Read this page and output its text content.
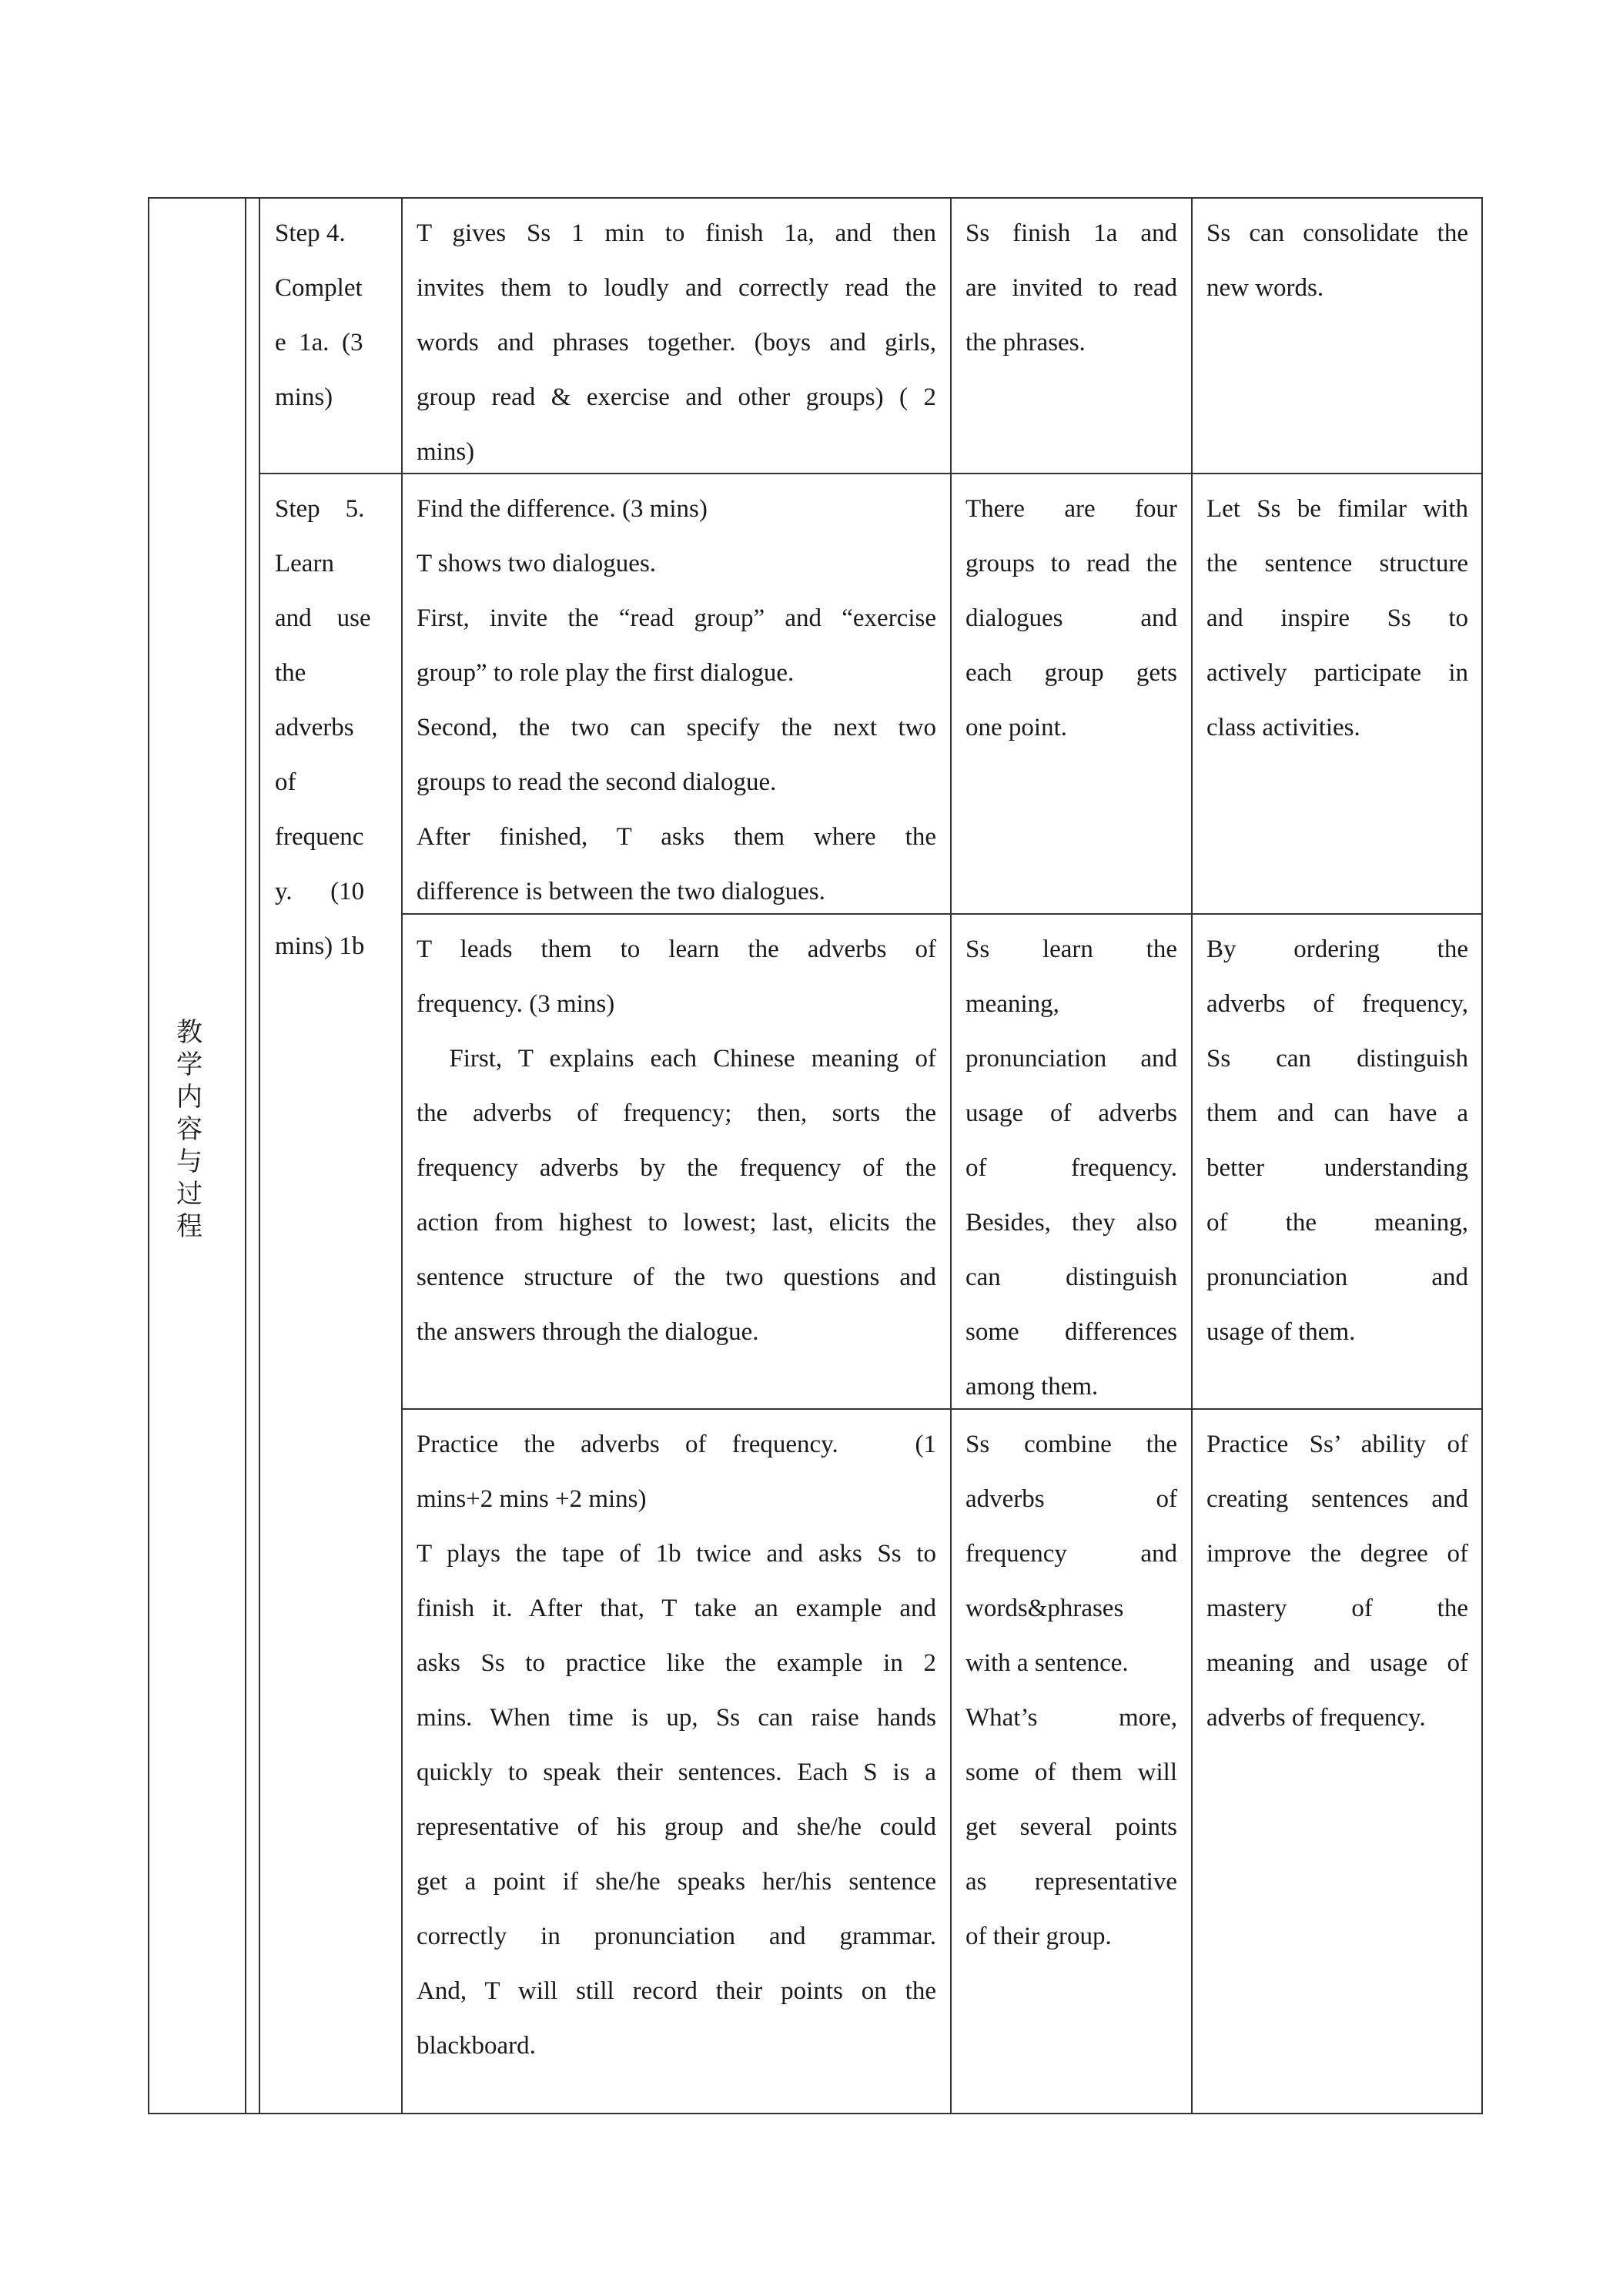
教
学
内
容
与
过
程

Step 4.

Complet

e  1a.  (3

mins)

T gives Ss 1 min to finish 1a, and then

invites them to loudly and correctly read the

words and phrases together. (boys and girls,

group read & exercise and other groups) ( 2

mins)

Ss finish 1a and

are invited to read

the phrases.

Ss can consolidate the

new words.

Step    5.

Learn

and    use

the

adverbs

of

frequenc

y.      (10

mins) 1b

Find the difference. (3 mins)

T shows two dialogues.

First, invite the “read group” and “exercise

group” to role play the first dialogue.

Second, the two can specify the next two

groups to read the second dialogue.

After finished, T asks them where the

difference is between the two dialogues.

There are four

groups to read the

dialogues and

each group gets

one point.

Let Ss be fimilar with

the sentence structure

and inspire Ss to

actively participate in

class activities.

T leads them to learn the adverbs of

frequency. (3 mins)

First, T explains each Chinese meaning of

the adverbs of frequency; then, sorts the

frequency adverbs by the frequency of the

action from highest to lowest; last, elicits the

sentence structure of the two questions and

the answers through the dialogue.

Ss learn the

meaning,

pronunciation and

usage of adverbs

of frequency.

Besides, they also

can distinguish

some differences

among them.

By ordering the

adverbs of frequency,

Ss can distinguish

them and can have a

better understanding

of the meaning,

pronunciation and

usage of them.

Practice the adverbs of frequency.   (1

mins+2 mins +2 mins)

T plays the tape of 1b twice and asks Ss to

finish it. After that, T take an example and

asks Ss to practice like the example in 2

mins. When time is up, Ss can raise hands

quickly to speak their sentences. Each S is a

representative of his group and she/he could

get a point if she/he speaks her/his sentence

correctly in pronunciation and grammar.

And, T will still record their points on the

blackboard.

Ss combine the

adverbs of

frequency and

words&phrases

with a sentence.

What’s more,

some of them will

get several points

as representative

of their group.

Practice Ss’ ability of

creating sentences and

improve the degree of

mastery of the

meaning and usage of

adverbs of frequency.
